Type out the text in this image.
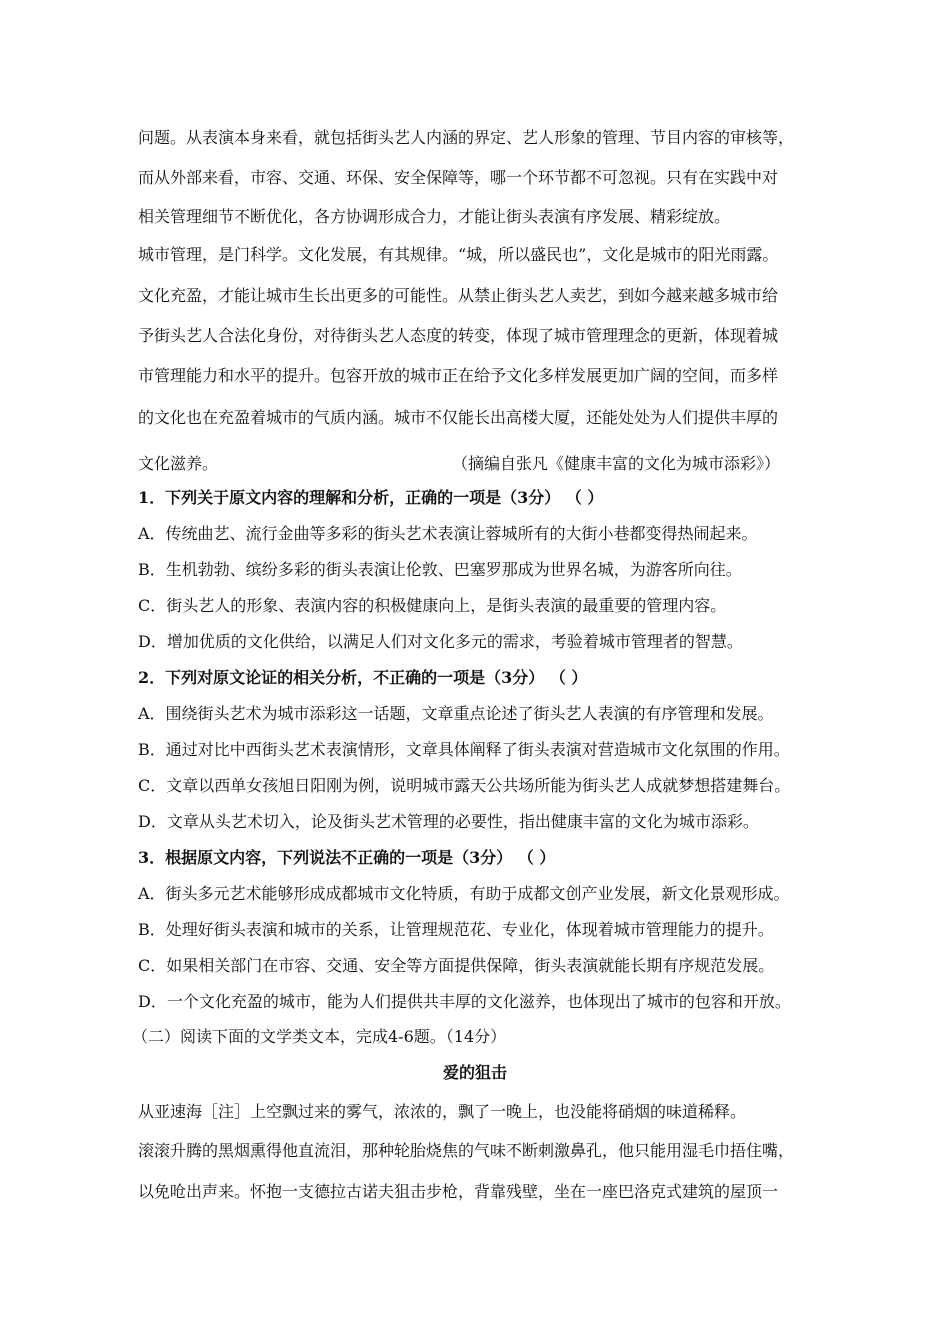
问题。从表演本身来看，就包括街头艺人内涵的界定、艺人形象的管理、节目内容的审核等，
而从外部来看，市容、交通、环保、安全保障等，哪一个环节都不可忽视。只有在实践中对
相关管理细节不断优化，各方协调形成合力，才能让街头表演有序发展、精彩绽放。
城市管理，是门科学。文化发展，有其规律。“城，所以盛民也”，文化是城市的阳光雨露。
文化充盈，才能让城市生长出更多的可能性。从禁止街头艺人卖艺，到如今越来越多城市给
予街头艺人合法化身份，对待街头艺人态度的转变，体现了城市管理理念的更新，体现着城
市管理能力和水平的提升。包容开放的城市正在给予文化多样发展更加广阔的空间，而多样
的文化也在充盈着城市的气质内涵。城市不仅能长出高楼大厦，还能处处为人们提供丰厚的
文化滋养。	（摘编自张凡《健康丰富的文化为城市添彩》）
1．下列关于原文内容的理解和分析，正确的一项是（3分） （ ）
A．传统曲艺、流行金曲等多彩的街头艺术表演让蓉城所有的大街小巷都变得热闹起来。
B．生机勃勃、缤纷多彩的街头表演让伦敦、巴塞罗那成为世界名城，为游客所向往。
C．街头艺人的形象、表演内容的积极健康向上，是街头表演的最重要的管理内容。
D．增加优质的文化供给，以满足人们对文化多元的需求，考验着城市管理者的智慧。
2．下列对原文论证的相关分析，不正确的一项是（3分） （ ）
A．围绕街头艺术为城市添彩这一话题，文章重点论述了街头艺人表演的有序管理和发展。
B．通过对比中西街头艺术表演情形，文章具体阐释了街头表演对营造城市文化氛围的作用。
C．文章以西单女孩旭日阳刚为例，说明城市露天公共场所能为街头艺人成就梦想搭建舞台。
D．文章从头艺术切入，论及街头艺术管理的必要性，指出健康丰富的文化为城市添彩。
3．根据原文内容，下列说法不正确的一项是（3分） （ ）
A．街头多元艺术能够形成成都城市文化特质，有助于成都文创产业发展，新文化景观形成。
B．处理好街头表演和城市的关系，让管理规范花、专业化，体现着城市管理能力的提升。
C．如果相关部门在市容、交通、安全等方面提供保障，街头表演就能长期有序规范发展。
D．一个文化充盈的城市，能为人们提供共丰厚的文化滋养，也体现出了城市的包容和开放。
（二）阅读下面的文学类文本，完成4-6题。（14分）
爱的狙击
从亚速海［注］上空飘过来的雾气，浓浓的，飘了一晚上，也没能将硝烟的味道稀释。
滚滚升腾的黑烟熏得他直流泪，那种轮胎烧焦的气味不断刺激鼻孔，他只能用湿毛巾捂住嘴，
以免呛出声来。怀抱一支德拉古诺夫狙击步枪，背靠残壁，坐在一座巴洛克式建筑的屋顶一
